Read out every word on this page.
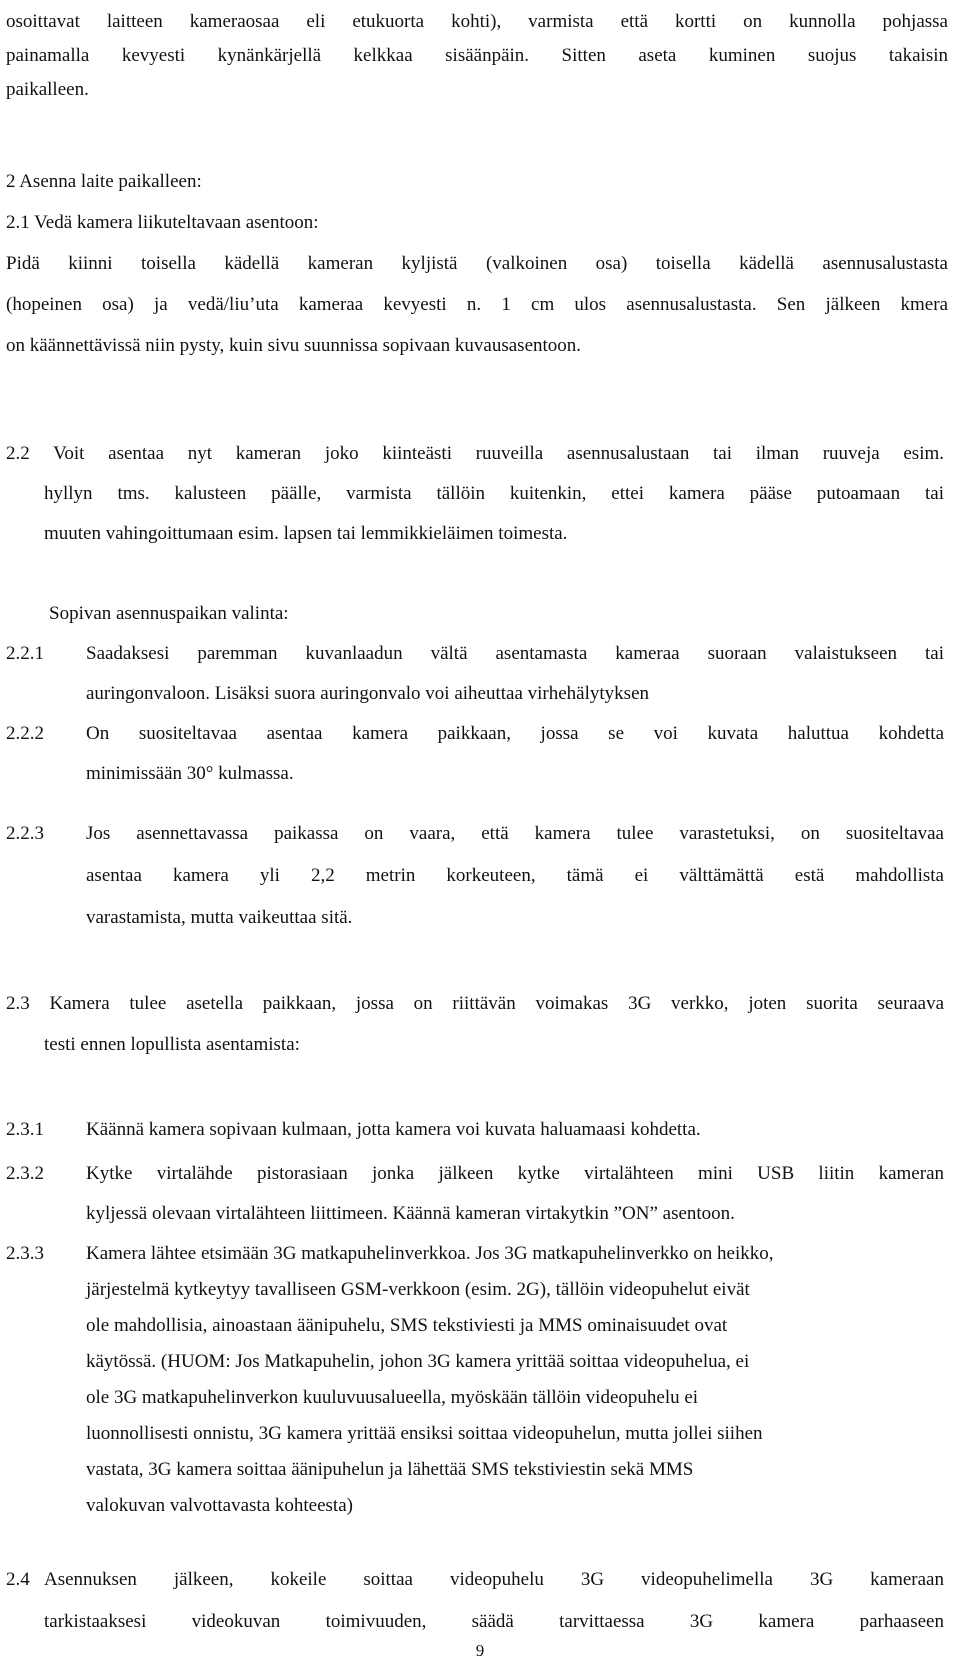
osoittavat laitteen kameraosaa eli etukuorta kohti), varmista että kortti on kunnolla pohjassa
painamalla kevyesti kynänkärjellä kelkkaa sisäänpäin. Sitten aseta kuminen suojus takaisin
paikalleen.
2 Asenna laite paikalleen:
2.1 Vedä kamera liikuteltavaan asentoon:
Pidä kiinni toisella kädellä kameran kyljistä (valkoinen osa) toisella kädellä asennusalustasta
(hopeinen osa) ja vedä/liu’uta kameraa kevyesti n. 1 cm ulos asennusalustasta. Sen jälkeen kmera
on käännettävissä niin pysty, kuin sivu suunnissa sopivaan kuvausasentoon.
2.2 Voit asentaa nyt kameran joko kiinteästi ruuveilla asennusalustaan tai ilman ruuveja esim.
hyllyn tms. kalusteen päälle, varmista tällöin kuitenkin, ettei kamera pääse putoamaan tai
muuten vahingoittumaan esim. lapsen tai lemmikkieläimen toimesta.
Sopivan asennuspaikan valinta:
2.2.1 Saadaksesi paremman kuvanlaadun vältä asentamasta kameraa suoraan valaistukseen tai
auringonvaloon. Lisäksi suora auringonvalo voi aiheuttaa virhehälytyksen
2.2.2 On suositeltavaa asentaa kamera paikkaan, jossa se voi kuvata haluttua kohdetta
minimissään 30° kulmassa.
2.2.3 Jos asennettavassa paikassa on vaara, että kamera tulee varastetuksi, on suositeltavaa
asentaa kamera yli 2,2 metrin korkeuteen, tämä ei välttämättä estä mahdollista
varastamista, mutta vaikeuttaa sitä.
2.3 Kamera tulee asetella paikkaan, jossa on riittävän voimakas 3G verkko, joten suorita seuraava
testi ennen lopullista asentamista:
2.3.1 Käännä kamera sopivaan kulmaan, jotta kamera voi kuvata haluamaasi kohdetta.
2.3.2 Kytke virtalähde pistorasiaan jonka jälkeen kytke virtalähteen mini USB liitin kameran
kyljessä olevaan virtalähteen liittimeen. Käännä kameran virtakytkin ”ON” asentoon.
2.3.3 Kamera lähtee etsimään 3G matkapuhelinverkkoa. Jos 3G matkapuhelinverkko on heikko,
järjestelmä kytkeytyy tavalliseen GSM-verkkoon (esim. 2G), tällöin videopuhelut eivät
ole mahdollisia, ainoastaan äänipuhelu, SMS tekstiviesti ja MMS ominaisuudet ovat
käytössä. (HUOM: Jos Matkapuhelin, johon 3G kamera yrittää soittaa videopuhelua, ei
ole 3G matkapuhelinverkon kuuluvuusalueella, myöskään tällöin videopuhelu ei
luonnollisesti onnistu, 3G kamera yrittää ensiksi soittaa videopuhelun, mutta jollei siihen
vastata, 3G kamera soittaa äänipuhelun ja lähettää SMS tekstiviestin sekä MMS
valokuvan valvottavasta kohteesta)
2.4 Asennuksen jälkeen, kokeile soittaa videopuhelu 3G videopuhelimella 3G kameraan
tarkistaaksesi videokuvan toimivuuden, säädä tarvittaessa 3G kamera parhaaseen
9
